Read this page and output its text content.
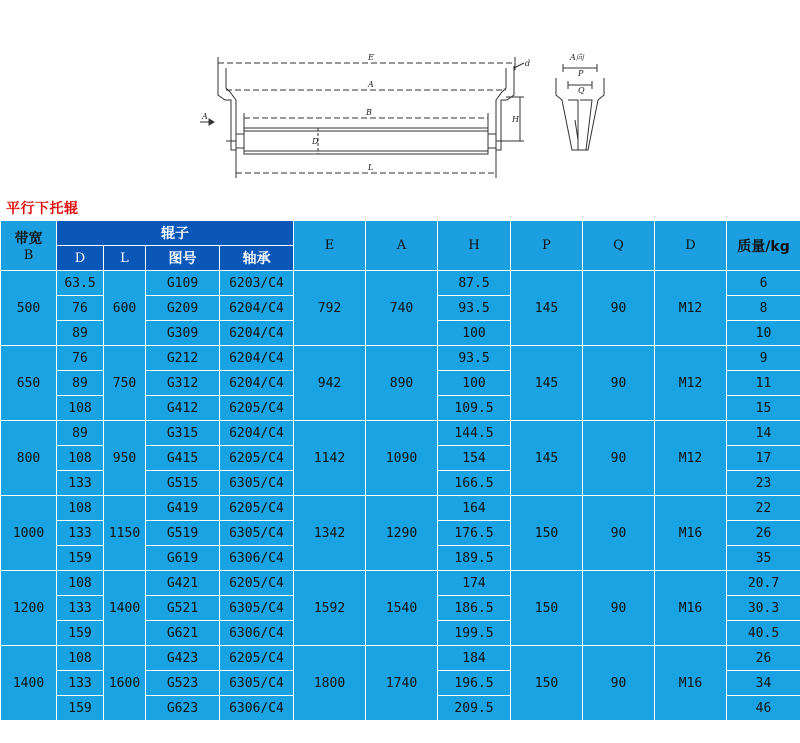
E
A
B
L
H
D
d
A
A向
P
Q
平行下托辊
带宽
B	辊子				E	A	H	P	Q	D	质量/kg
	D	L	图号	轴承							
500	63.5	600	G109	6203/C4	792	740	87.5	145	90	M12	6
	76		G209	6204/C4			93.5				8
	89		G309	6204/C4			100				10
650	76	750	G212	6204/C4	942	890	93.5	145	90	M12	9
	89		G312	6204/C4			100				11
	108		G412	6205/C4			109.5				15
800	89	950	G315	6204/C4	1142	1090	144.5	145	90	M12	14
	108		G415	6205/C4			154				17
	133		G515	6305/C4			166.5				23
1000	108	1150	G419	6205/C4	1342	1290	164	150	90	M16	22
	133		G519	6305/C4			176.5				26
	159		G619	6306/C4			189.5				35
1200	108	1400	G421	6205/C4	1592	1540	174	150	90	M16	20.7
	133		G521	6305/C4			186.5				30.3
	159		G621	6306/C4			199.5				40.5
1400	108	1600	G423	6205/C4	1800	1740	184	150	90	M16	26
	133		G523	6305/C4			196.5				34
	159		G623	6306/C4			209.5				46
